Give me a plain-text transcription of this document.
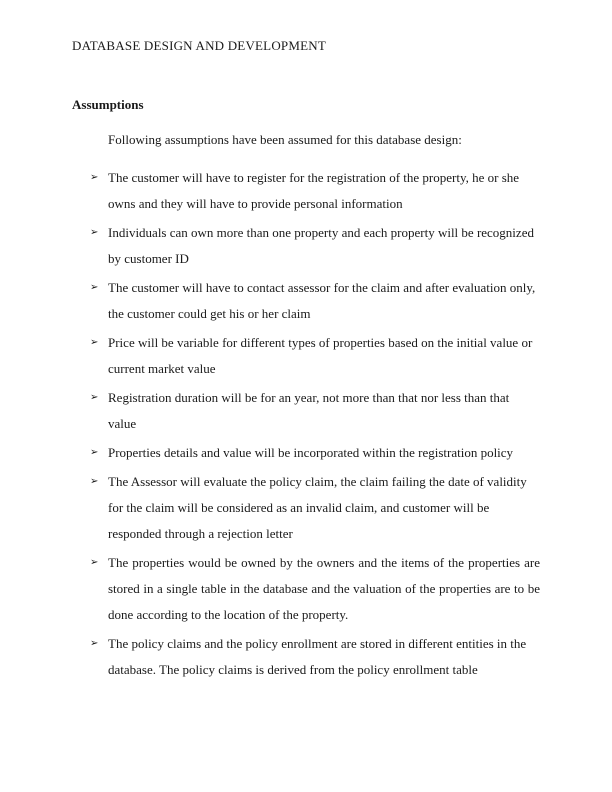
DATABASE DESIGN AND DEVELOPMENT
Assumptions
Following assumptions have been assumed for this database design:
➢ The customer will have to register for the registration of the property, he or she owns and they will have to provide personal information
➢ Individuals can own more than one property and each property will be recognized by customer ID
➢ The customer will have to contact assessor for the claim and after evaluation only, the customer could get his or her claim
➢ Price will be variable for different types of properties based on the initial value or current market value
➢ Registration duration will be for an year, not more than that nor less than that value
➢ Properties details and value will be incorporated within the registration policy
➢ The Assessor will evaluate the policy claim, the claim failing the date of validity for the claim will be considered as an invalid claim, and customer will be responded through a rejection letter
➢ The properties would be owned by the owners and the items of the properties are stored in a single table in the database and the valuation of the properties are to be done according to the location of the property.
➢ The policy claims and the policy enrollment are stored in different entities in the database. The policy claims is derived from the policy enrollment table
